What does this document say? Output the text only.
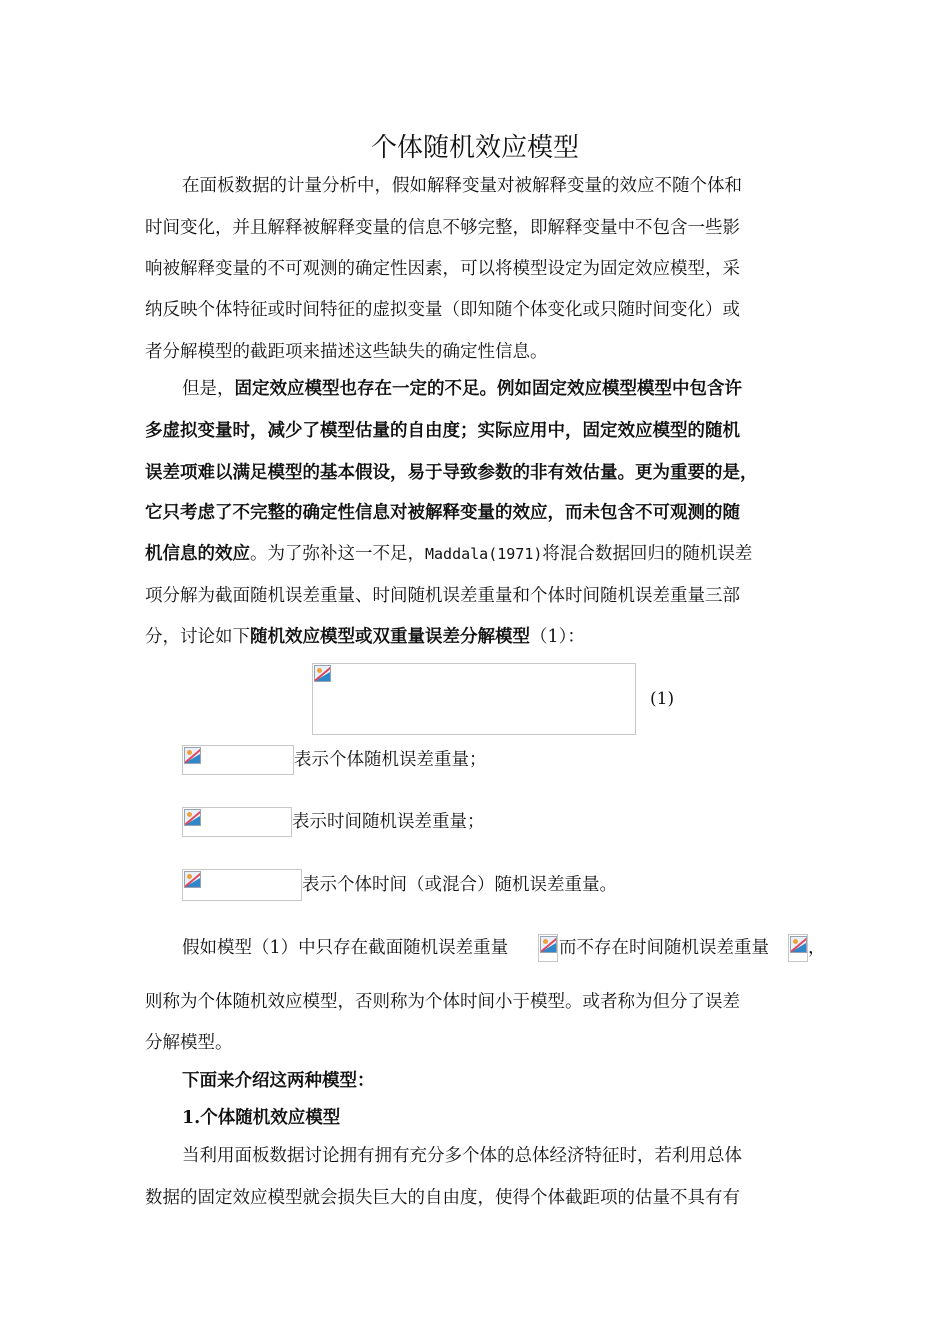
个体随机效应模型
在面板数据的计量分析中，假如解释变量对被解释变量的效应不随个体和
时间变化，并且解释被解释变量的信息不够完整，即解释变量中不包含一些影
响被解释变量的不可观测的确定性因素，可以将模型设定为固定效应模型，采
纳反映个体特征或时间特征的虚拟变量（即知随个体变化或只随时间变化）或
者分解模型的截距项来描述这些缺失的确定性信息。
但是，固定效应模型也存在一定的不足。例如固定效应模型模型中包含许
多虚拟变量时，减少了模型估量的自由度；实际应用中，固定效应模型的随机
误差项难以满足模型的基本假设，易于导致参数的非有效估量。更为重要的是，
它只考虑了不完整的确定性信息对被解释变量的效应，而未包含不可观测的随
机信息的效应。为了弥补这一不足，Maddala(1971)将混合数据回归的随机误差
项分解为截面随机误差重量、时间随机误差重量和个体时间随机误差重量三部
分，讨论如下随机效应模型或双重量误差分解模型（1）：
(1)
表示个体随机误差重量；
表示时间随机误差重量；
表示个体时间（或混合）随机误差重量。
假如模型（1）中只存在截面随机误差重量	而不存在时间随机误差重量 ，
则称为个体随机效应模型，否则称为个体时间小于模型。或者称为但分了误差
分解模型。
下面来介绍这两种模型：
1.个体随机效应模型
当利用面板数据讨论拥有拥有充分多个体的总体经济特征时，若利用总体
数据的固定效应模型就会损失巨大的自由度，使得个体截距项的估量不具有有
